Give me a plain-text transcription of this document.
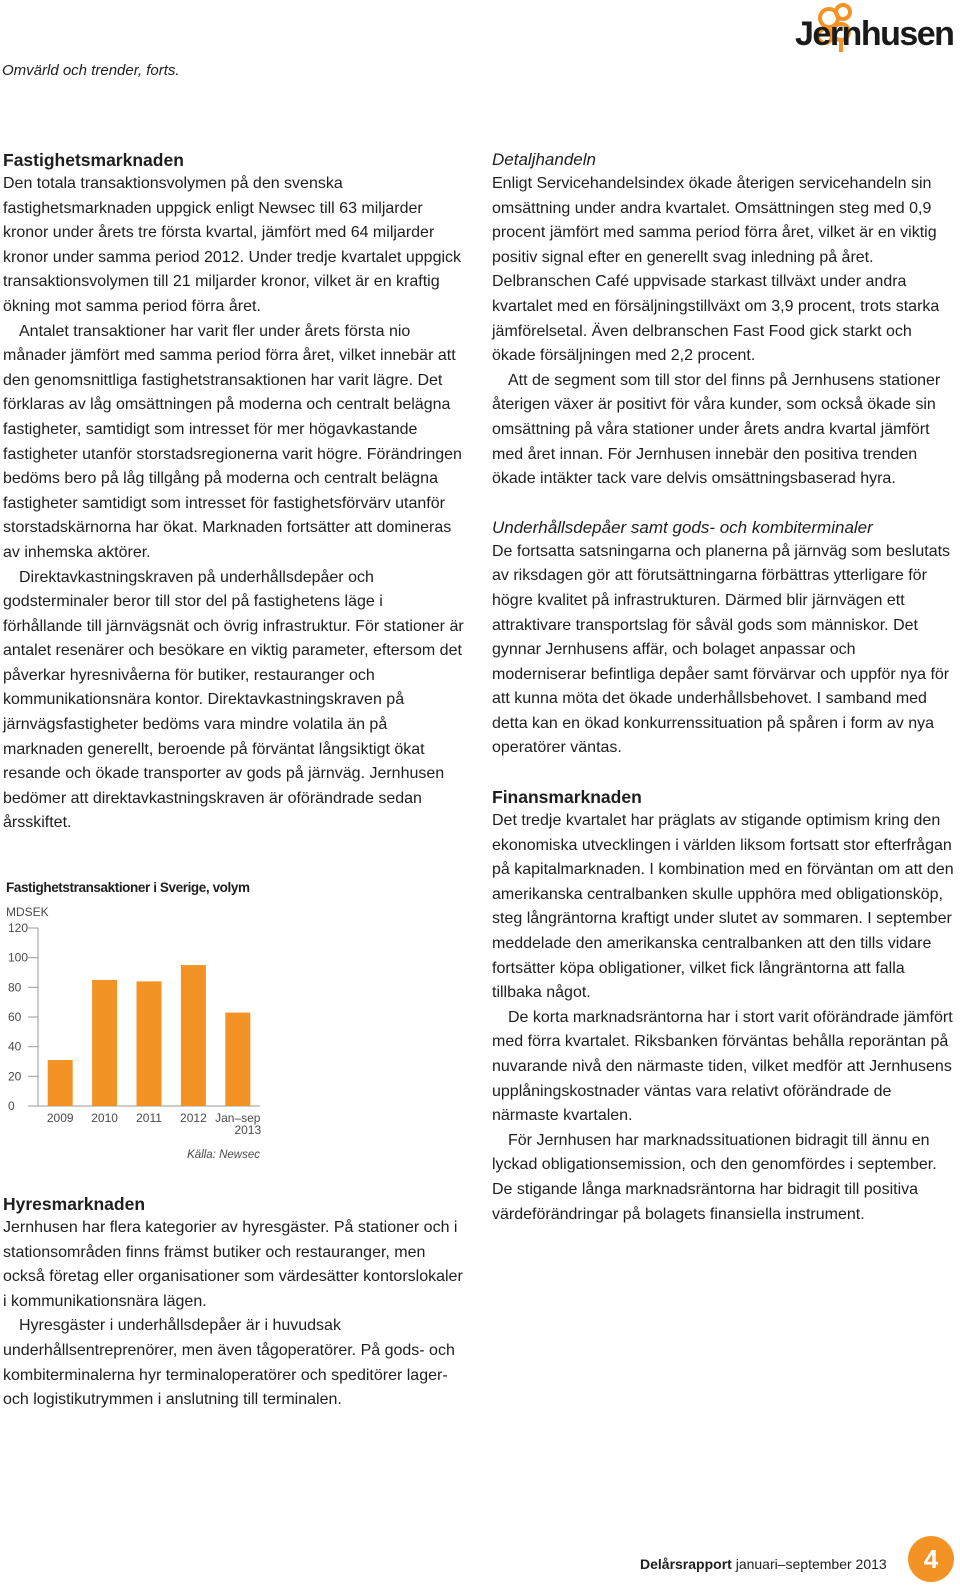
Omvärld och trender, forts.
Jernhusen
Fastighetsmarknaden

Den totala transaktionsvolymen på den svenska fastighetsmarknaden uppgick enligt Newsec till 63 miljarder kronor under årets tre första kvartal, jämfört med 64 miljarder kronor under samma period 2012. Under tredje kvartalet uppgick transaktionsvolymen till 21 miljarder kronor, vilket är en kraftig ökning mot samma period förra året.

Antalet transaktioner har varit fler under årets första nio månader jämfört med samma period förra året, vilket innebär att den genomsnittliga fastighetstransaktionen har varit lägre. Det förklaras av låg omsättningen på moderna och centralt belägna fastigheter, samtidigt som intresset för mer högavkastande fastigheter utanför storstadsregionerna varit högre. Förändringen bedöms bero på låg tillgång på moderna och centralt belägna fastigheter samtidigt som intresset för fastighetsförvärv utanför storstadskärnorna har ökat. Marknaden fortsätter att domineras av inhemska aktörer.

Direktavkastningskraven på underhållsdepåer och godsterminaler beror till stor del på fastighetens läge i förhållande till järnvägsnät och övrig infrastruktur. För stationer är antalet resenärer och besökare en viktig parameter, eftersom det påverkar hyresnivåerna för butiker, restauranger och kommunikationsnära kontor. Direktavkastningskraven på järnvägsfastigheter bedöms vara mindre volatila än på marknaden generellt, beroende på förväntat långsiktigt ökat resande och ökade transporter av gods på järnväg. Jernhusen bedömer att direktavkastningskraven är oförändrade sedan årsskiftet.

Fastighetstransaktioner i Sverige, volym
MDSEK
0
20
40
60
80
100
120
2009 2010 2011 2012 Jan–sep
2013
Källa: Newsec
Hyresmarknaden

Jernhusen har flera kategorier av hyresgäster. På stationer och i stationsområden finns främst butiker och restauranger, men också företag eller organisationer som värdesätter kontorslokaler i kommunikationsnära lägen.

Hyresgäster i underhållsdepåer är i huvudsak underhållsentreprenörer, men även tågoperatörer. På gods- och kombiterminalerna hyr terminaloperatörer och speditörer lager- och logistikutrymmen i anslutning till terminalen.

Detaljhandeln

Enligt Servicehandelsindex ökade återigen servicehandeln sin omsättning under andra kvartalet. Omsättningen steg med 0,9 procent jämfört med samma period förra året, vilket är en viktig positiv signal efter en generellt svag inledning på året. Delbranschen Café uppvisade starkast tillväxt under andra kvartalet med en försäljningstillväxt om 3,9 procent, trots starka jämförelsetal. Även delbranschen Fast Food gick starkt och ökade försäljningen med 2,2 procent.

Att de segment som till stor del finns på Jernhusens stationer återigen växer är positivt för våra kunder, som också ökade sin omsättning på våra stationer under årets andra kvartal jämfört med året innan. För Jernhusen innebär den positiva trenden ökade intäkter tack vare delvis omsättningsbaserad hyra.

Underhållsdepåer samt gods- och kombiterminaler

De fortsatta satsningarna och planerna på järnväg som beslutats av riksdagen gör att förutsättningarna förbättras ytterligare för högre kvalitet på infrastrukturen. Därmed blir järnvägen ett attraktivare transportslag för såväl gods som människor. Det gynnar Jernhusens affär, och bolaget anpassar och moderniserar befintliga depåer samt förvärvar och uppför nya för att kunna möta det ökade underhållsbehovet. I samband med detta kan en ökad konkurrenssituation på spåren i form av nya operatörer väntas.

Finansmarknaden

Det tredje kvartalet har präglats av stigande optimism kring den ekonomiska utvecklingen i världen liksom fortsatt stor efterfrågan på kapitalmarknaden. I kombination med en förväntan om att den amerikanska centralbanken skulle upphöra med obligationsköp, steg långräntorna kraftigt under slutet av sommaren. I september meddelade den amerikanska centralbanken att den tills vidare fortsätter köpa obligationer, vilket fick långräntorna att falla tillbaka något.

De korta marknadsräntorna har i stort varit oförändrade jämfört med förra kvartalet. Riksbanken förväntas behålla reporäntan på nuvarande nivå den närmaste tiden, vilket medför att Jernhusens upplåningskostnader väntas vara relativt oförändrade de närmaste kvartalen.

För Jernhusen har marknadssituationen bidragit till ännu en lyckad obligationsemission, och den genomfördes i september. De stigande långa marknadsräntorna har bidragit till positiva värdeförändringar på bolagets finansiella instrument.

Delårsrapport januari–september 2013	4
